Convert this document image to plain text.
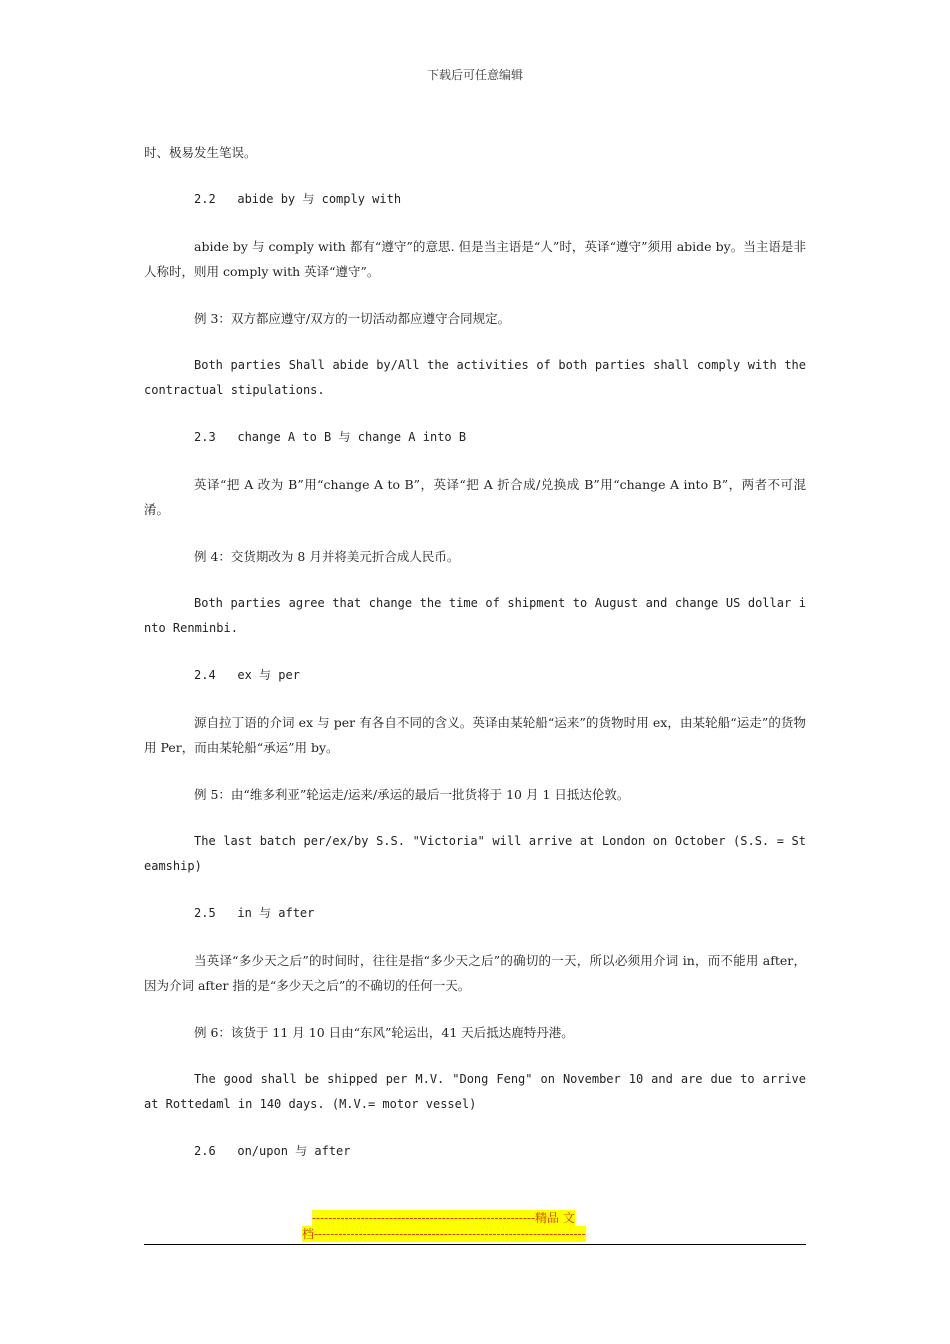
下载后可任意编辑

时、极易发生笔误。

2.2   abide by 与 comply with

abide by 与 comply with 都有“遵守”的意思. 但是当主语是“人”时，英译“遵守”须用 abide by。当主语是非人称时，则用 comply with 英译“遵守”。

例 3：双方都应遵守/双方的一切活动都应遵守合同规定。

Both parties Shall abide by/All the activities of both parties shall comply with the contractual stipulations.

2.3   change A to B 与 change A into B

英译“把 A 改为 B”用“change A to B”，英译“把 A 折合成/兑换成 B”用“change A into B”，两者不可混淆。

例 4：交货期改为 8 月并将美元折合成人民币。

Both parties agree that change the time of shipment to August and change US dollar into Renminbi.

2.4   ex 与 per

源自拉丁语的介词 ex 与 per 有各自不同的含义。英译由某轮船“运来”的货物时用 ex，由某轮船“运走”的货物用 Per，而由某轮船“承运”用 by。

例 5：由“维多利亚”轮运走/运来/承运的最后一批货将于 10 月 1 日抵达伦敦。

The last batch per/ex/by S.S. "Victoria" will arrive at London on October (S.S. = Steamship)

2.5   in 与 after

当英译“多少天之后”的时间时，往往是指“多少天之后”的确切的一天，所以必须用介词 in，而不能用 after，因为介词 after 指的是“多少天之后”的不确切的任何一天。

例 6：该货于 11 月 10 日由“东风”轮运出，41 天后抵达鹿特丹港。

The good shall be shipped per M.V. "Dong Feng" on November 10 and are due to arrive at Rottedaml in 140 days. (M.V.= motor vessel)

2.6   on/upon 与 after
-------------------------------------------------------精品 文
档-------------------------------------------------------------------
